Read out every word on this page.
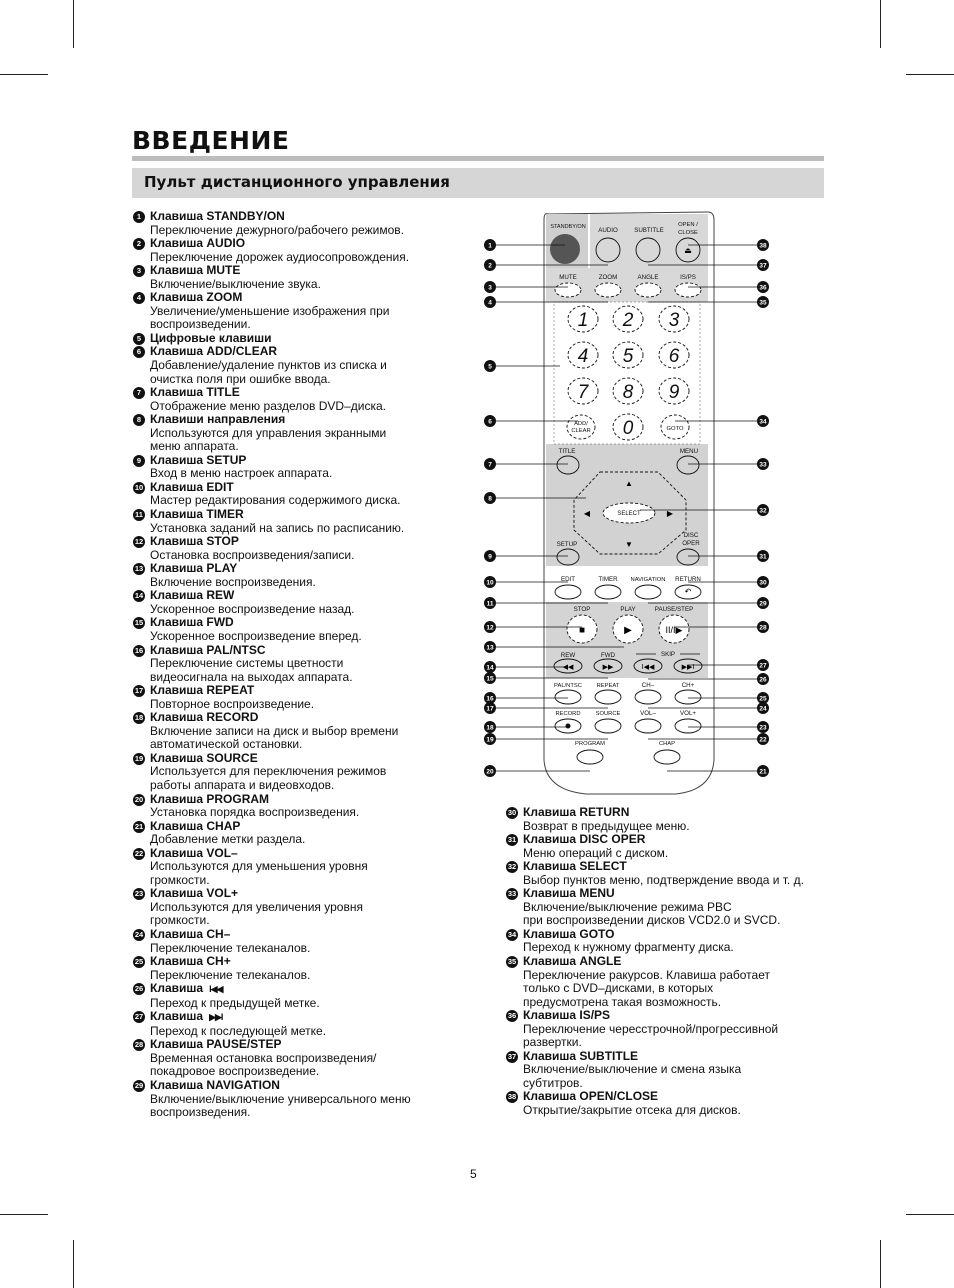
ВВЕДЕНИЕ
Пульт дистанционного управления
1 Клавиша STANDBY/ON
Переключение дежурного/рабочего режимов.
2 Клавиша AUDIO
Переключение дорожек аудиосопровождения.
3 Клавиша MUTE
Включение/выключение звука.
4 Клавиша ZOOM
Увеличение/уменьшение изображения при
воспроизведении.
5 Цифровые клавиши
6 Клавиша ADD/CLEAR
Добавление/удаление пунктов из списка и
очистка поля при ошибке ввода.
7 Клавиша TITLE
Отображение меню разделов DVD–диска.
8 Клавиши направления
Используются для управления экранными
меню аппарата.
9 Клавиша SETUP
Вход в меню настроек аппарата.
10 Клавиша EDIT
Мастер редактирования содержимого диска.
11 Клавиша TIMER
Установка заданий на запись по расписанию.
12 Клавиша STOP
Остановка воспроизведения/записи.
13 Клавиша PLAY
Включение воспроизведения.
14 Клавиша REW
Ускоренное воспроизведение назад.
15 Клавиша FWD
Ускоренное воспроизведение вперед.
16 Клавиша PAL/NTSC
Переключение системы цветности
видеосигнала на выходах аппарата.
17 Клавиша REPEAT
Повторное воспроизведение.
18 Клавиша RECORD
Включение записи на диск и выбор времени
автоматической остановки.
19 Клавиша SOURCE
Используется для переключения режимов
работы аппарата и видеовходов.
20 Клавиша PROGRAM
Установка порядка воспроизведения.
21 Клавиша CHAP
Добавление метки раздела.
22 Клавиша VOL–
Используются для уменьшения уровня
громкости.
23 Клавиша VOL+
Используются для увеличения уровня
громкости.
24 Клавиша CH–
Переключение телеканалов.
25 Клавиша CH+
Переключение телеканалов.
26 Клавиша I◀◀
Переход к предыдущей метке.
27 Клавиша ▶▶I
Переход к последующей метке.
28 Клавиша PAUSE/STEP
Временная остановка воспроизведения/
покадровое воспроизведение.
29 Клавиша NAVIGATION
Включение/выключение универсального меню
воспроизведения.
30 Клавиша RETURN
Возврат в предыдущее меню.
31 Клавиша DISC OPER
Меню операций с диском.
32 Клавиша SELECT
Выбор пунктов меню, подтверждение ввода и т. д.
33 Клавиша MENU
Включение/выключение режима PBC
при воспроизведении дисков VCD2.0 и SVCD.
34 Клавиша GOTO
Переход к нужному фрагменту диска.
35 Клавиша ANGLE
Переключение ракурсов. Клавиша работает
только с DVD–дисками, в которых
предусмотрена такая возможность.
36 Клавиша IS/PS
Переключение чересстрочной/прогрессивной
развертки.
37 Клавиша SUBTITLE
Включение/выключение и смена языка
субтитров.
38 Клавиша OPEN/CLOSE
Открытие/закрытие отсека для дисков.
STANDBY/ON AUDIO	SUBTITLE
OPEN /
CLOSE
⏏
MUTE	ZOOM	ANGLE	IS/PS
1 2 3
4 5 6
7 8 9
0
ADD/
CLEAR	GOTO
TITLE	MENU
SELECT
▲
▼
◀	▶
SETUP
DISC
OPER
EDIT	TIMER NAVIGATION RETURN
↶
STOP
■
PLAY
▶
PAUSE/STEP
II/I▶
REW
◀◀
FWD
▶▶
SKIP
I◀◀	▶▶I
PAL/NTSC	REPEAT	CH–	CH+
RECORD	SOURCE	VOL–	VOL+
PROGRAM	CHAP
1
2
3
4
5
6
7
8
9
10
11
12
13
14
15
16
17
18
19
20
38
37
36
35
34
33
32
31
30
29
28
27
26
25
24
23
22
21
5
